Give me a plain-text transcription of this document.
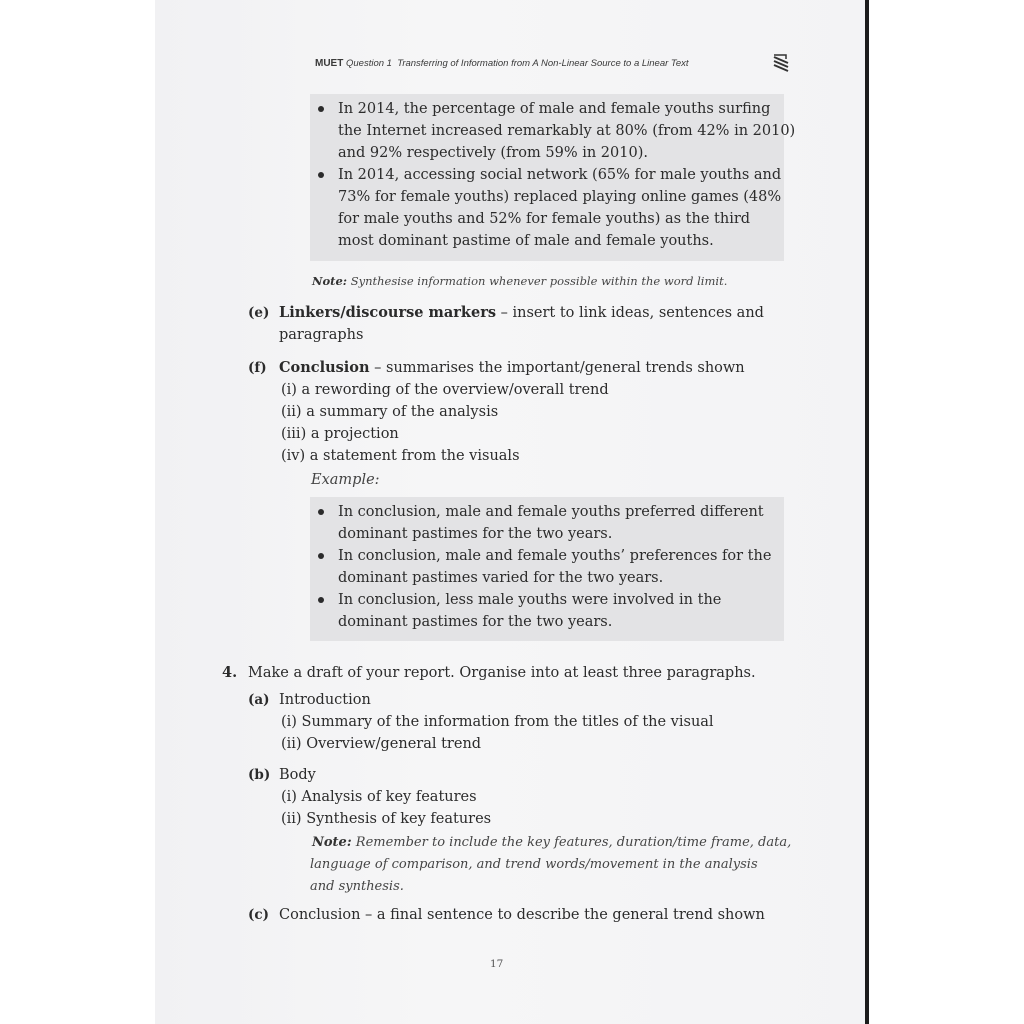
MUET Question 1 Transferring of Information from A Non-Linear Source to a Linear Text
In 2014, the percentage of male and female youths surfing
the Internet increased remarkably at 80% (from 42% in 2010)
and 92% respectively (from 59% in 2010).
In 2014, accessing social network (65% for male youths and
73% for female youths) replaced playing online games (48%
for male youths and 52% for female youths) as the third
most dominant pastime of male and female youths.
Note: Synthesise information whenever possible within the word limit.
(e) Linkers/discourse markers – insert to link ideas, sentences and
paragraphs
(f) Conclusion – summarises the important/general trends shown
(i) a rewording of the overview/overall trend
(ii) a summary of the analysis
(iii) a projection
(iv) a statement from the visuals
Example:
In conclusion, male and female youths preferred different
dominant pastimes for the two years.
In conclusion, male and female youths’ preferences for the
dominant pastimes varied for the two years.
In conclusion, less male youths were involved in the
dominant pastimes for the two years.
4. Make a draft of your report. Organise into at least three paragraphs.
(a) Introduction
(i) Summary of the information from the titles of the visual
(ii) Overview/general trend
(b) Body
(i) Analysis of key features
(ii) Synthesis of key features
Note: Remember to include the key features, duration/time frame, data,
language of comparison, and trend words/movement in the analysis
and synthesis.
(c) Conclusion – a final sentence to describe the general trend shown
17
